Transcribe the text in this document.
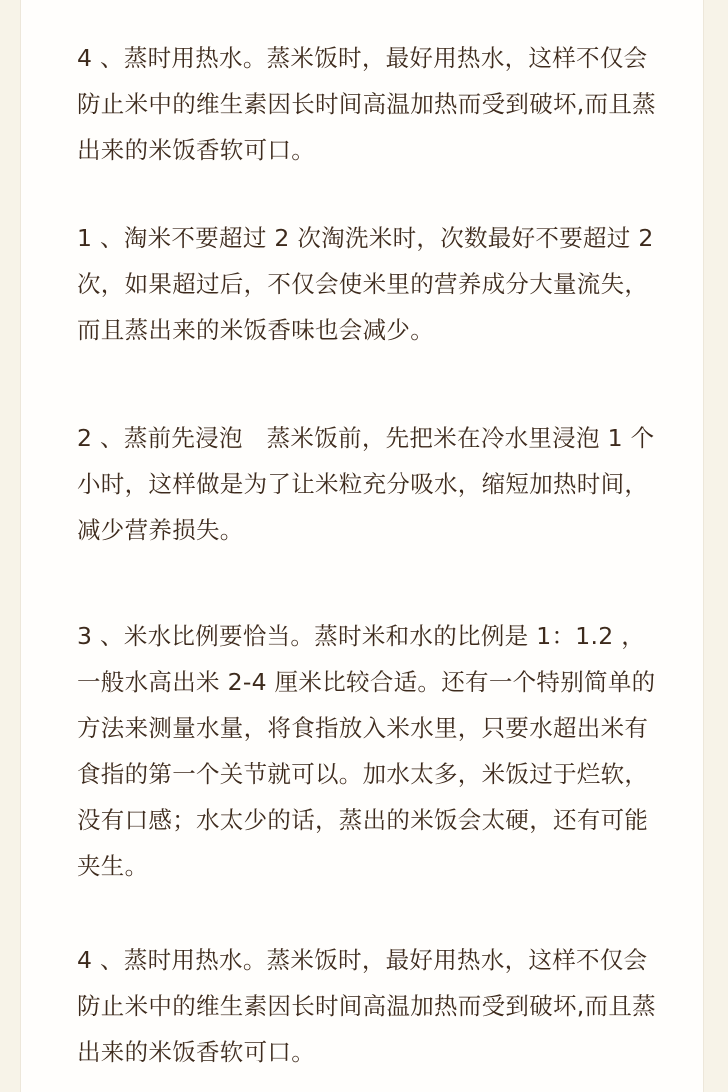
4 、蒸时用热水。蒸米饭时，最好用热水，这样不仅会防止米中的维生素因长时间高温加热而受到破坏,而且蒸出来的米饭香软可口。

1 、淘米不要超过 2 次淘洗米时，次数最好不要超过 2 次，如果超过后，不仅会使米里的营养成分大量流失，而且蒸出来的米饭香味也会减少。

2 、蒸前先浸泡　蒸米饭前，先把米在冷水里浸泡 1 个小时，这样做是为了让米粒充分吸水，缩短加热时间，减少营养损失。

3 、米水比例要恰当。蒸时米和水的比例是 1：1.2 ，一般水高出米 2-4 厘米比较合适。还有一个特别简单的方法来测量水量，将食指放入米水里，只要水超出米有食指的第一个关节就可以。加水太多，米饭过于烂软，没有口感；水太少的话，蒸出的米饭会太硬，还有可能夹生。

4 、蒸时用热水。蒸米饭时，最好用热水，这样不仅会防止米中的维生素因长时间高温加热而受到破坏,而且蒸出来的米饭香软可口。
